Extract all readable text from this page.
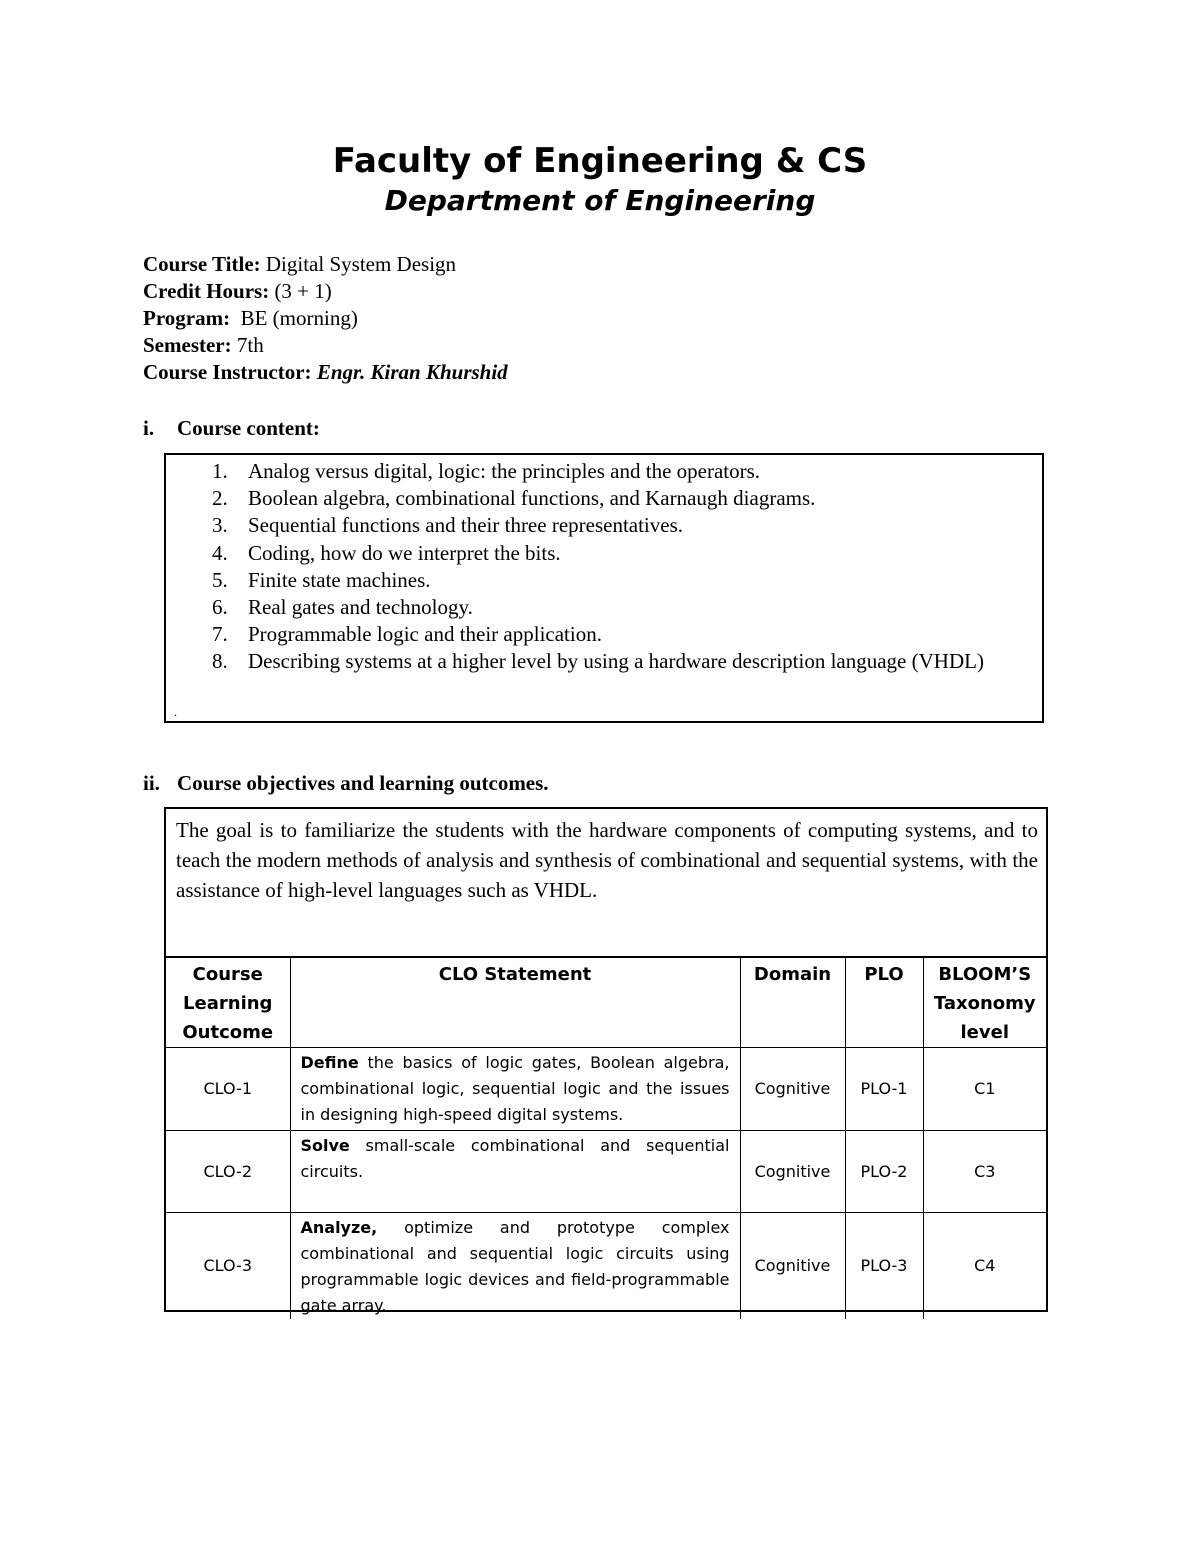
Faculty of Engineering & CS
Department of Engineering
Course Title: Digital System Design
Credit Hours: (3 + 1)
Program: BE (morning)
Semester: 7th
Course Instructor: Engr. Kiran Khurshid
i. Course content:
1. Analog versus digital, logic: the principles and the operators.
2. Boolean algebra, combinational functions, and Karnaugh diagrams.
3. Sequential functions and their three representatives.
4. Coding, how do we interpret the bits.
5. Finite state machines.
6. Real gates and technology.
7. Programmable logic and their application.
8. Describing systems at a higher level by using a hardware description language (VHDL)
.
ii. Course objectives and learning outcomes.
The goal is to familiarize the students with the hardware components of computing systems, and to teach the modern methods of analysis and synthesis of combinational and sequential systems, with the assistance of high-level languages such as VHDL.
Course Learning Outcome	CLO Statement	Domain	PLO	BLOOM’S Taxonomy level
CLO-1	Define the basics of logic gates, Boolean algebra, combinational logic, sequential logic and the issues in designing high-speed digital systems.	Cognitive	PLO-1	C1
CLO-2	Solve small-scale combinational and sequential circuits.	Cognitive	PLO-2	C3
CLO-3	Analyze, optimize and prototype complex combinational and sequential logic circuits using programmable logic devices and field-programmable gate array.	Cognitive	PLO-3	C4
